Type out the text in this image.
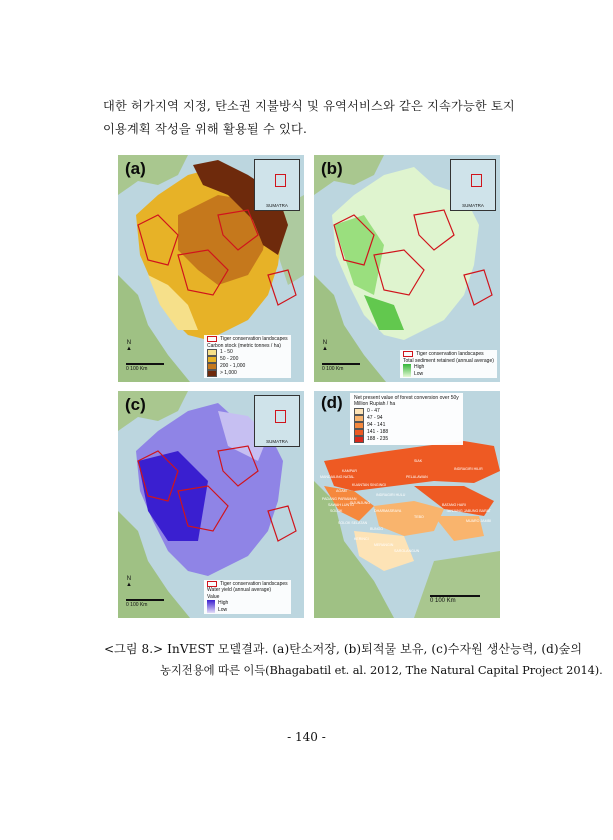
대한 허가지역 지정, 탄소권 지불방식 및 유역서비스와 같은 지속가능한 토지
이용계획 작성을 위해 활용될 수 있다.
(a)
SUMATRA
N
▲
0 100 Km
Tiger conservation landscapes
Carbon stock (metric tonnes / ha)
1 - 50
50 - 200
200 - 1,000
> 1,000
(b)
SUMATRA
N
▲
0 100 Km
Tiger conservation landscapes
Total sediment retained (annual average)
High
Low
(c)
SUMATRA
N
▲
0 100 Km
Tiger conservation landscapes
Water yield (annual average)
Value
High
Low
(d) Net present value of forest conversion over 50y
Million Rupiah / ha
0 - 47
47 - 94
94 - 141
141 - 188
188 - 235
KAMPAR
MANDAILING NATAL
PADANG PARIAMAN
AGAM
DHARMASRAYA
BATANG HARI
TEBO
SAROLANGUN
MERANGIN
KERINCI
SOLOK
SOLOK SELATAN
BUNGO
KUANTAN SINGINGI
INDRAGIRI HULU
TANJUNG JABUNG BARAT
MUARO JAMBI
PELALAWAN
SIAK
INDRAGIRI HILIR
SIJUNJUNG
SAWAH LUNTO
0 100 Km
<그림 8.> InVEST 모델결과. (a)탄소저장, (b)퇴적물 보유, (c)수자원 생산능력, (d)숲의
농지전용에 따른 이득(Bhagabatil et. al. 2012, The Natural Capital Project 2014).
- 140 -
